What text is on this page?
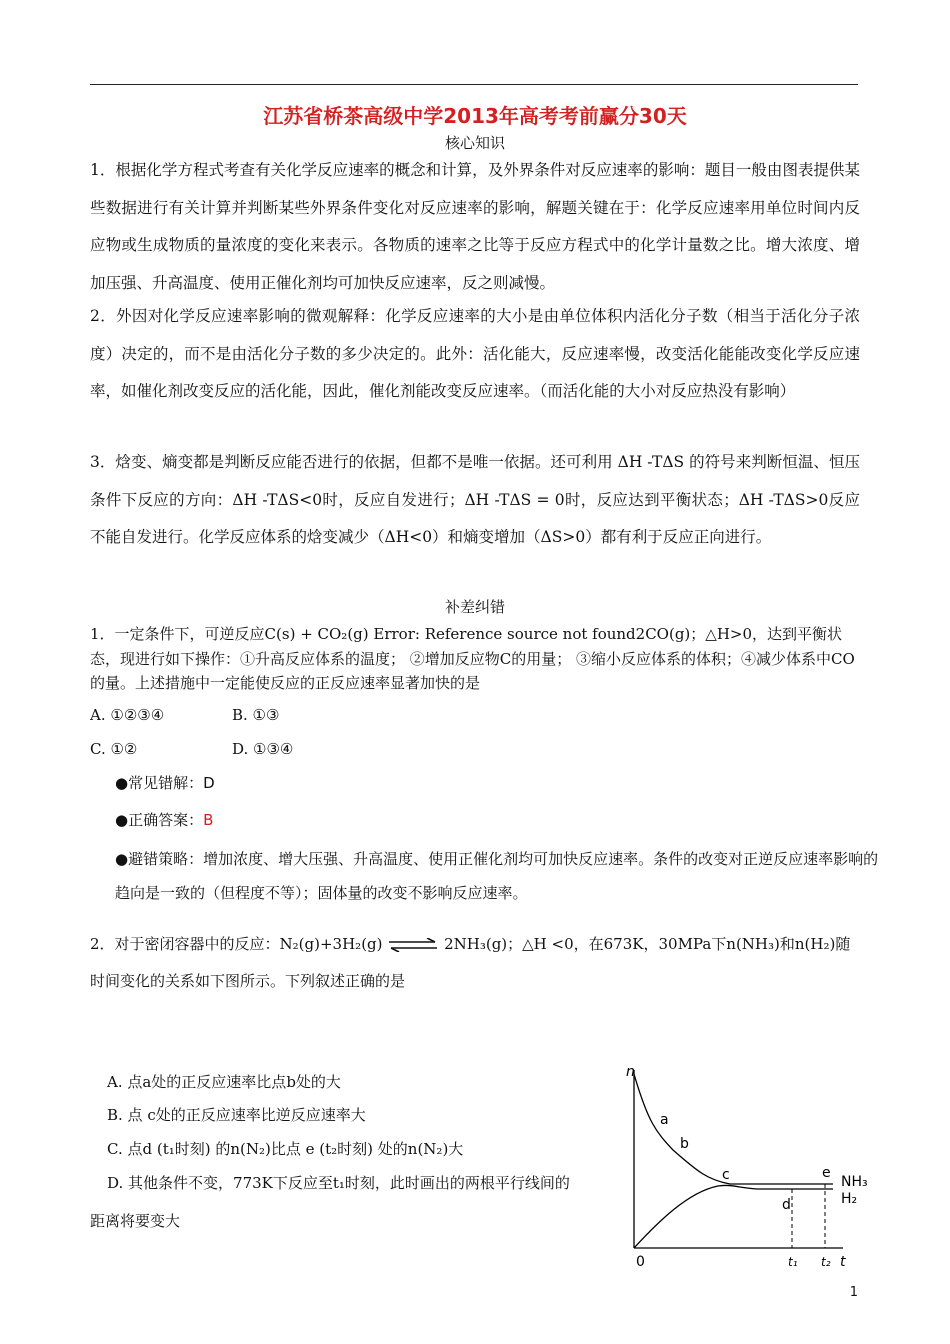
江苏省桥茶高级中学2013年高考考前赢分30天
核心知识
1．根据化学方程式考查有关化学反应速率的概念和计算，及外界条件对反应速率的影响：题目一般由图表提供某些数据进行有关计算并判断某些外界条件变化对反应速率的影响，解题关键在于：化学反应速率用单位时间内反应物或生成物质的量浓度的变化来表示。各物质的速率之比等于反应方程式中的化学计量数之比。增大浓度、增加压强、升高温度、使用正催化剂均可加快反应速率，反之则减慢。
2．外因对化学反应速率影响的微观解释：化学反应速率的大小是由单位体积内活化分子数（相当于活化分子浓度）决定的，而不是由活化分子数的多少决定的。此外：活化能大，反应速率慢，改变活化能能改变化学反应速率，如催化剂改变反应的活化能，因此，催化剂能改变反应速率。（而活化能的大小对反应热没有影响）
3．焓变、熵变都是判断反应能否进行的依据，但都不是唯一依据。还可利用 ΔH -TΔS 的符号来判断恒温、恒压条件下反应的方向：ΔH -TΔS<0时，反应自发进行；ΔH -TΔS = 0时，反应达到平衡状态；ΔH -TΔS>0反应不能自发进行。化学反应体系的焓变减少（ΔH<0）和熵变增加（ΔS>0）都有利于反应正向进行。
补差纠错
1．一定条件下，可逆反应C(s) + CO₂(g) Error: Reference source not found2CO(g)；△H>0，达到平衡状态，现进行如下操作：①升高反应体系的温度； ②增加反应物C的用量； ③缩小反应体系的体积；④减少体系中CO的量。上述措施中一定能使反应的正反应速率显著加快的是
A. ①②③④	B. ①③
C. ①②	D. ①③④
●常见错解：D
●正确答案：B
●避错策略：增加浓度、增大压强、升高温度、使用正催化剂均可加快反应速率。条件的改变对正逆反应速率影响的趋向是一致的（但程度不等）；固体量的改变不影响反应速率。
2．对于密闭容器中的反应：N₂(g)+3H₂(g) ⇌ 2NH₃(g)；△H <0，在673K，30MPa下n(NH₃)和n(H₂)随时间变化的关系如下图所示。下列叙述正确的是
A. 点a处的正反应速率比点b处的大
B. 点 c处的正反应速率比逆反应速率大
C. 点d (t₁时刻) 的n(N₂)比点 e (t₂时刻) 处的n(N₂)大
D. 其他条件不变，773K下反应至t₁时刻，此时画出的两根平行线间的
距离将要变大
n
a
b
c
d
e
NH₃
H₂
0	t₁ t₂ t
1
